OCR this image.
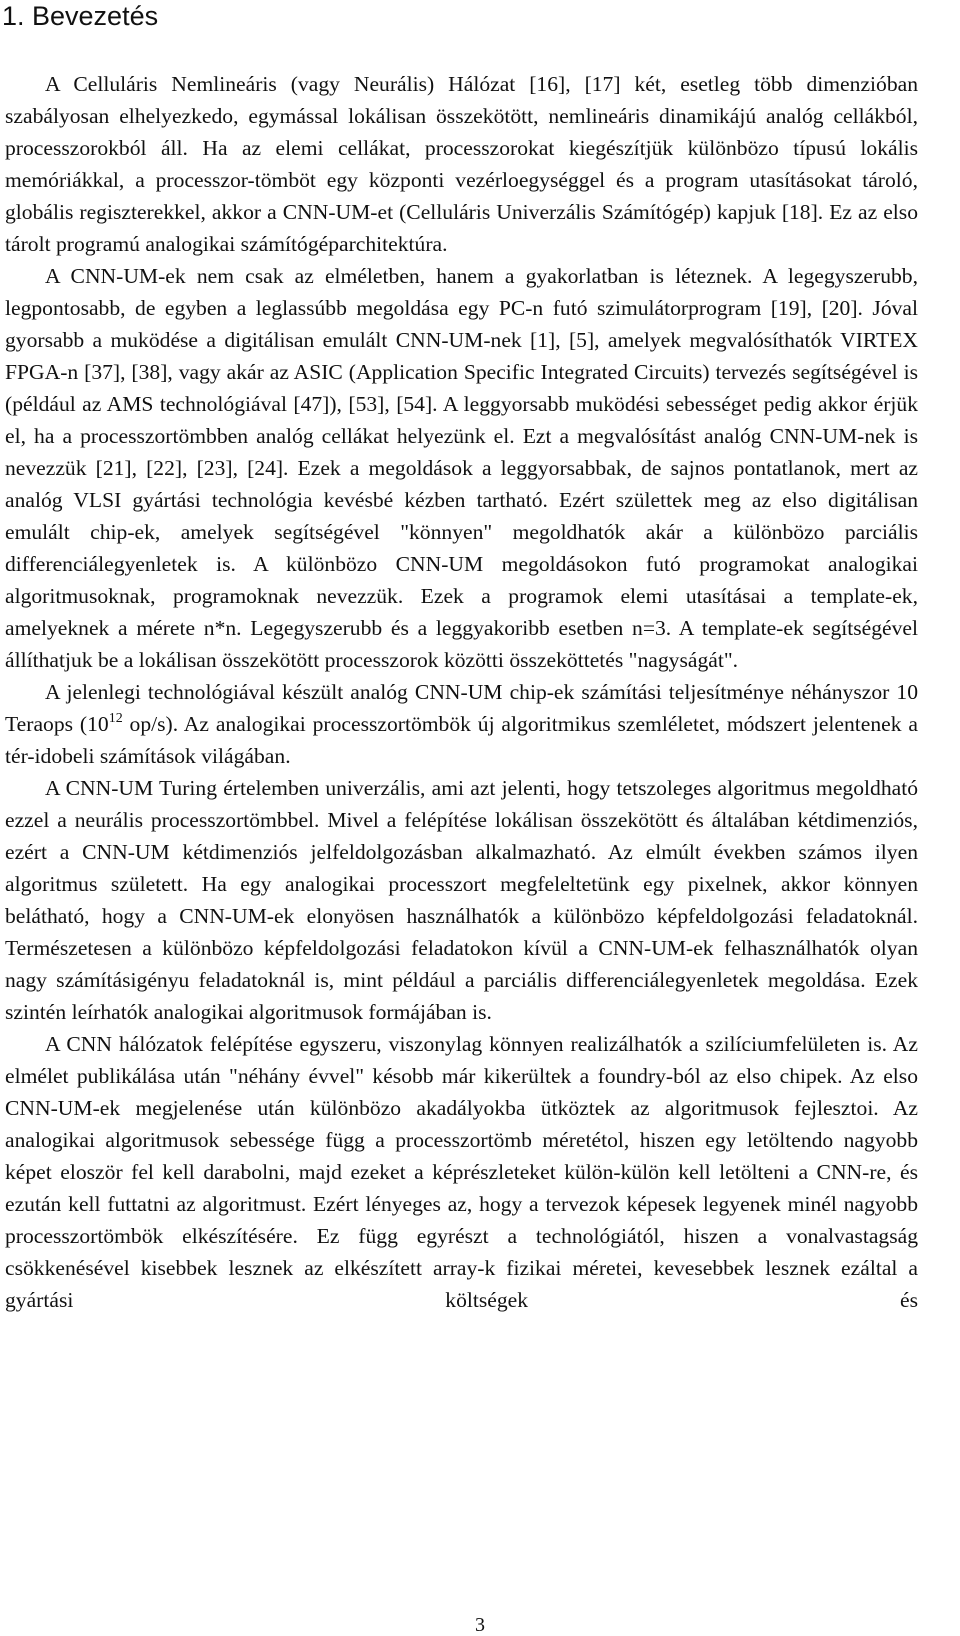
1. Bevezetés

A Celluláris Nemlineáris (vagy Neurális) Hálózat [16], [17] két, esetleg több dimenzióban szabályosan elhelyezkedo, egymással lokálisan összekötött, nemlineáris dinamikájú analóg cellákból, processzorokból áll. Ha az elemi cellákat, processzorokat kiegészítjük különbözo típusú lokális memóriákkal, a processzor-tömböt egy központi vezérloegységgel és a program utasításokat tároló, globális regiszterekkel, akkor a CNN-UM-et (Celluláris Univerzális Számítógép) kapjuk [18]. Ez az elso tárolt programú analogikai számítógéparchitektúra.

A CNN-UM-ek nem csak az elméletben, hanem a gyakorlatban is léteznek. A legegyszerubb, legpontosabb, de egyben a leglassúbb megoldása egy PC-n futó szimulátorprogram [19], [20]. Jóval gyorsabb a muködése a digitálisan emulált CNN-UM-nek [1], [5], amelyek megvalósíthatók VIRTEX FPGA-n [37], [38], vagy akár az ASIC (Application Specific Integrated Circuits) tervezés segítségével is (például az AMS technológiával [47]), [53], [54]. A leggyorsabb muködési sebességet pedig akkor érjük el, ha a processzortömbben analóg cellákat helyezünk el. Ezt a megvalósítást analóg CNN-UM-nek is nevezzük [21], [22], [23], [24]. Ezek a megoldások a leggyorsabbak, de sajnos pontatlanok, mert az analóg VLSI gyártási technológia kevésbé kézben tartható. Ezért születtek meg az elso digitálisan emulált chip-ek, amelyek segítségével "könnyen" megoldhatók akár a különbözo parciális differenciálegyenletek is. A különbözo CNN-UM megoldásokon futó programokat analogikai algoritmusoknak, programoknak nevezzük. Ezek a programok elemi utasításai a template-ek, amelyeknek a mérete n*n. Legegyszerubb és a leggyakoribb esetben n=3. A template-ek segítségével állíthatjuk be a lokálisan összekötött processzorok közötti összeköttetés "nagyságát".

A jelenlegi technológiával készült analóg CNN-UM chip-ek számítási teljesítménye néhányszor 10 Teraops ($10^{12}$ op/s). Az analogikai processzortömbök új algoritmikus szemléletet, módszert jelentenek a tér-idobeli számítások világában.

A CNN-UM Turing értelemben univerzális, ami azt jelenti, hogy tetszoleges algoritmus megoldható ezzel a neurális processzortömbbel. Mivel a felépítése lokálisan összekötött és általában kétdimenziós, ezért a CNN-UM kétdimenziós jelfeldolgozásban alkalmazható. Az elmúlt években számos ilyen algoritmus született. Ha egy analogikai processzort megfeleltetünk egy pixelnek, akkor könnyen belátható, hogy a CNN-UM-ek elonyösen használhatók a különbözo képfeldolgozási feladatoknál. Természetesen a különbözo képfeldolgozási feladatokon kívül a CNN-UM-ek felhasználhatók olyan nagy számításigényu feladatoknál is, mint például a parciális differenciálegyenletek megoldása. Ezek szintén leírhatók analogikai algoritmusok formájában is.

A CNN hálózatok felépítése egyszeru, viszonylag könnyen realizálhatók a szilíciumfelületen is. Az elmélet publikálása után "néhány évvel" késobb már kikerültek a foundry-ból az elso chipek. Az elso CNN-UM-ek megjelenése után különbözo akadályokba ütköztek az algoritmusok fejlesztoi. Az analogikai algoritmusok sebessége függ a processzortömb méretétol, hiszen egy letöltendo nagyobb képet eloször fel kell darabolni, majd ezeket a képrészleteket külön-külön kell letölteni a CNN-re, és ezután kell futtatni az algoritmust. Ezért lényeges az, hogy a tervezok képesek legyenek minél nagyobb processzortömbök elkészítésére. Ez függ egyrészt a technológiától, hiszen a vonalvastagság csökkenésével kisebbek lesznek az elkészített array-k fizikai méretei, kevesebbek lesznek ezáltal a gyártási költségek és

3
